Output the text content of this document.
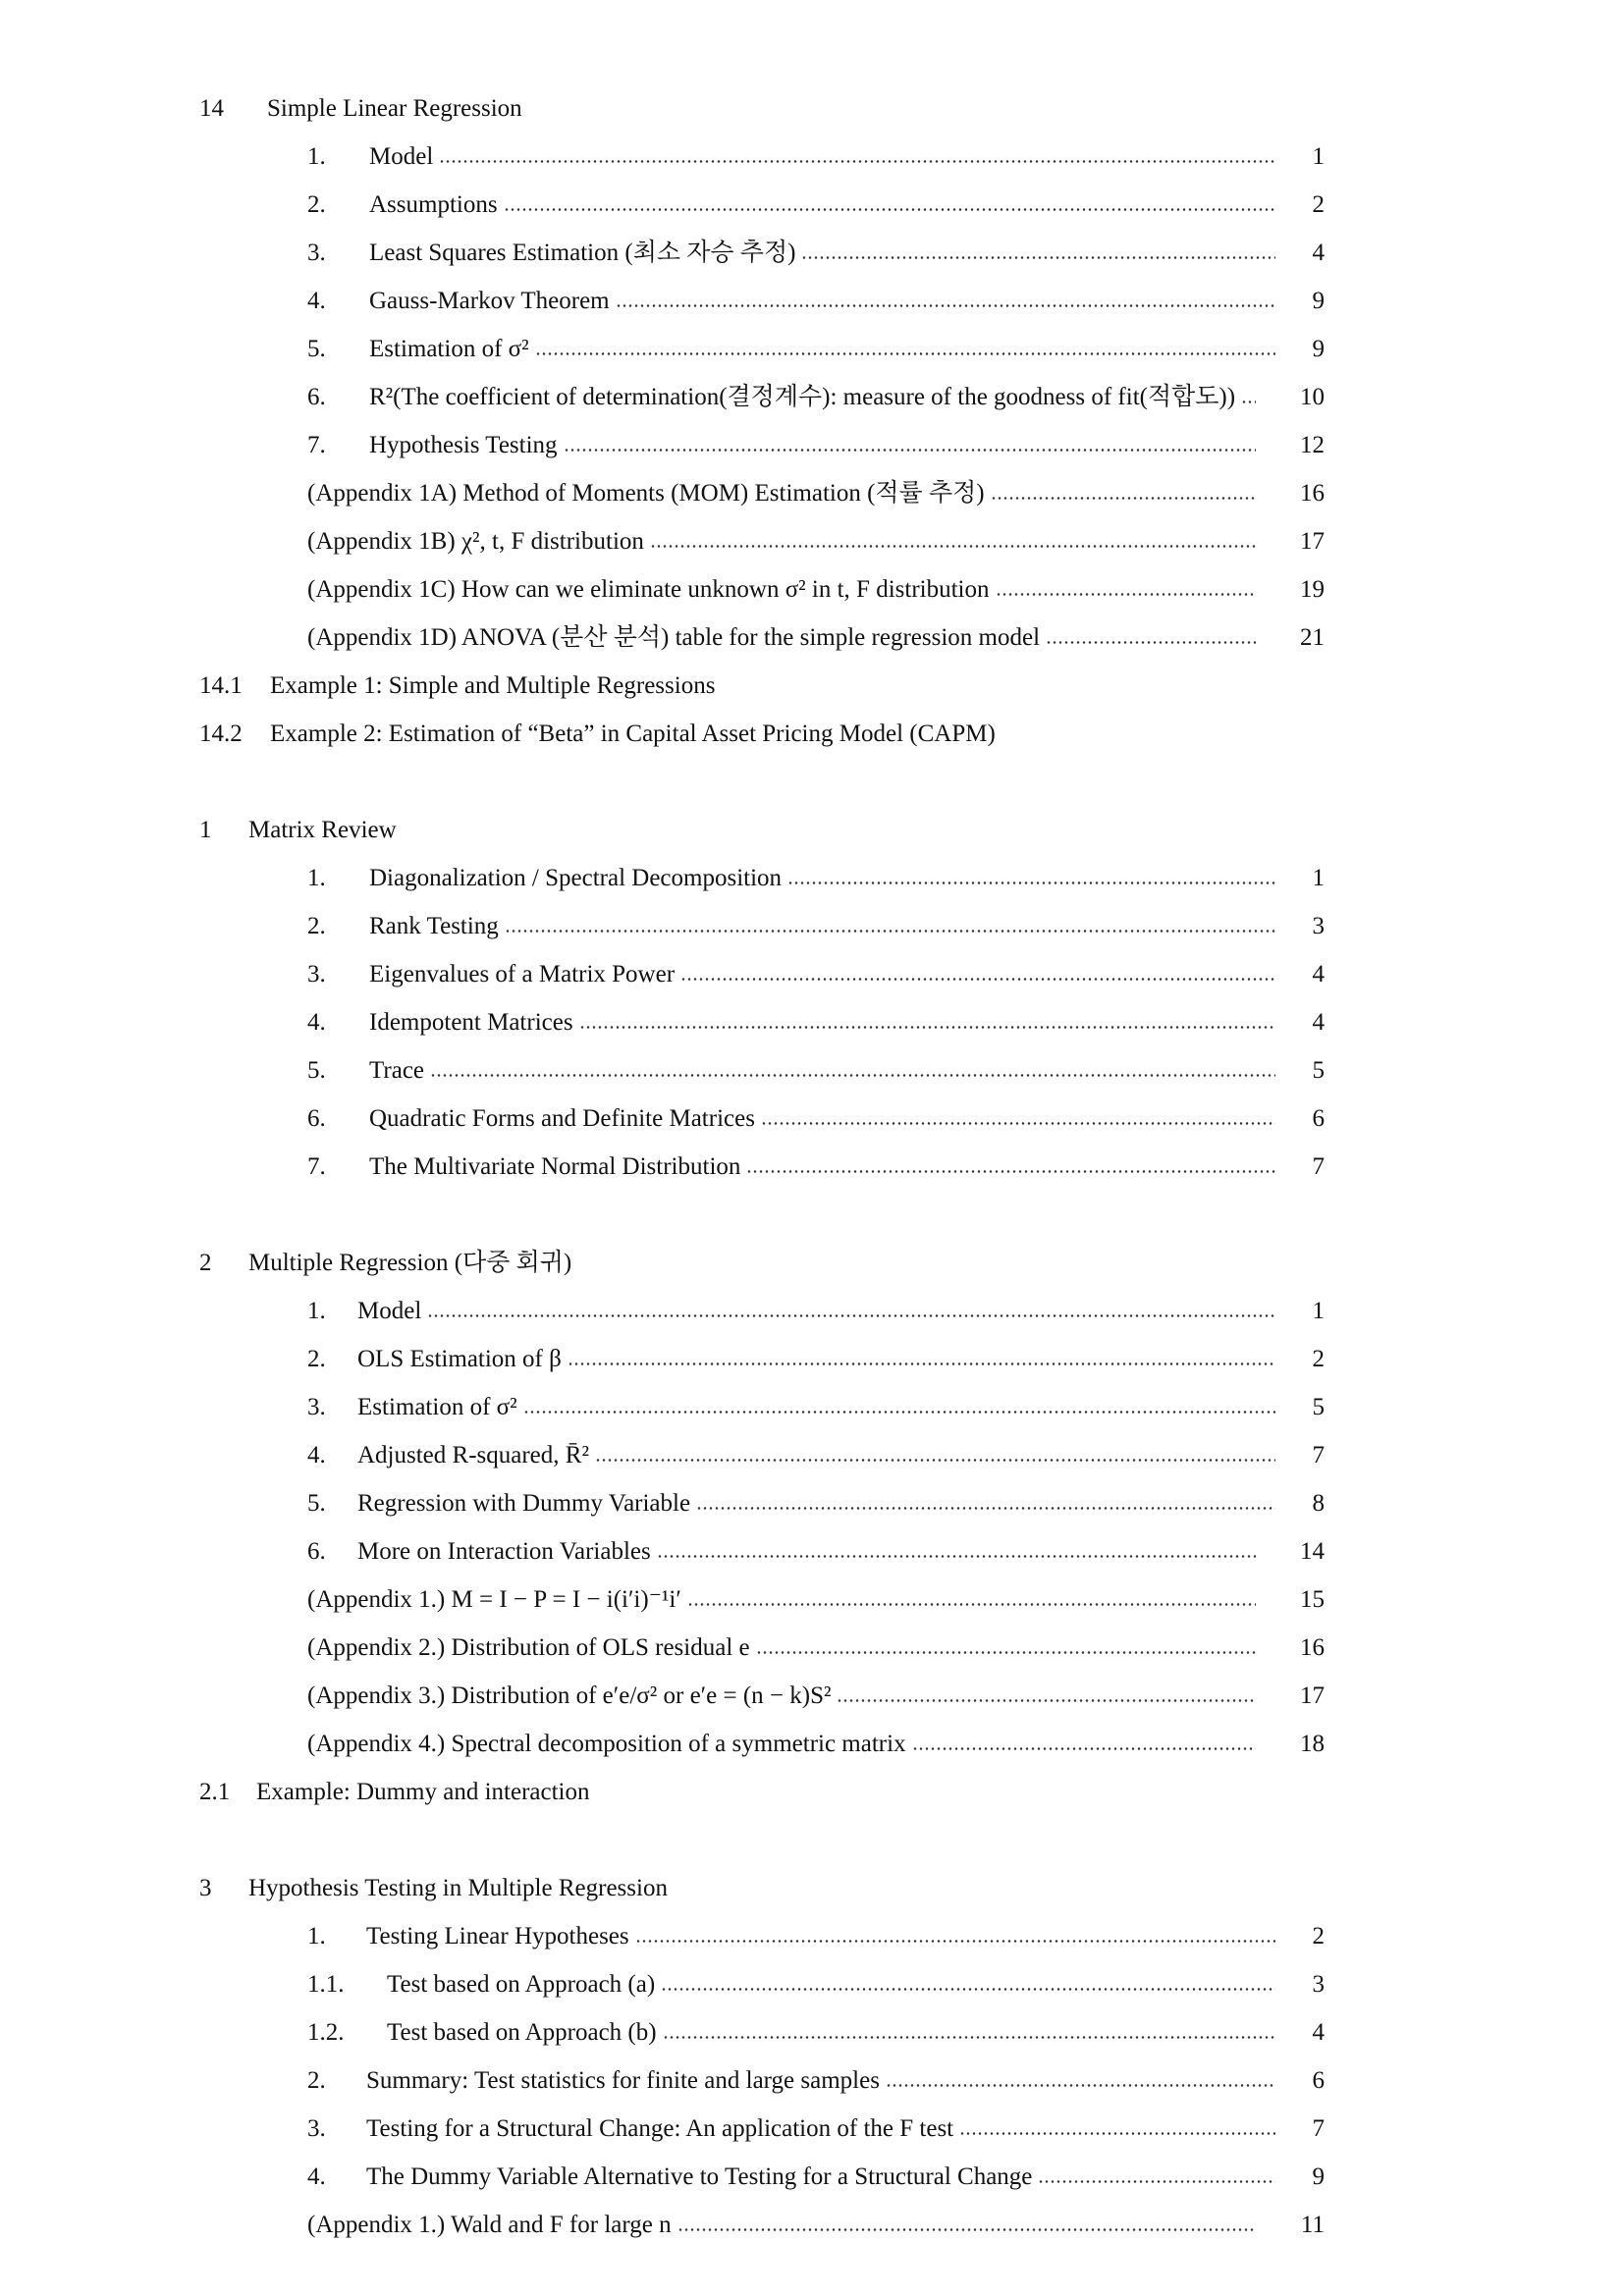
14 Simple Linear Regression
1. Model	1
2. Assumptions	2
3. Least Squares Estimation (최소 자승 추정)	4
4. Gauss-Markov Theorem	9
5. Estimation of σ²	9
6. R²(The coefficient of determination(결정계수): measure of the goodness of fit(적합도))	10
7. Hypothesis Testing	12
(Appendix 1A) Method of Moments (MOM) Estimation (적률 추정)	16
(Appendix 1B) χ², t, F distribution	17
(Appendix 1C) How can we eliminate unknown σ² in t, F distribution	19
(Appendix 1D) ANOVA (분산 분석) table for the simple regression model	21
14.1 Example 1: Simple and Multiple Regressions
14.2 Example 2: Estimation of “Beta” in Capital Asset Pricing Model (CAPM)
1 Matrix Review
1. Diagonalization / Spectral Decomposition	1
2. Rank Testing	3
3. Eigenvalues of a Matrix Power	4
4. Idempotent Matrices	4
5. Trace	5
6. Quadratic Forms and Definite Matrices	6
7. The Multivariate Normal Distribution	7
2 Multiple Regression (다중 회귀)
1. Model	1
2. OLS Estimation of β	2
3. Estimation of σ²	5
4. Adjusted R-squared, R̄²	7
5. Regression with Dummy Variable	8
6. More on Interaction Variables	14
(Appendix 1.) M = I − P = I − i(i′i)⁻¹i′	15
(Appendix 2.) Distribution of OLS residual e	16
(Appendix 3.) Distribution of e′e/σ² or e′e = (n − k)S²	17
(Appendix 4.) Spectral decomposition of a symmetric matrix	18
2.1 Example: Dummy and interaction
3 Hypothesis Testing in Multiple Regression
1. Testing Linear Hypotheses	2
1.1. Test based on Approach (a)	3
1.2. Test based on Approach (b)	4
2. Summary: Test statistics for finite and large samples	6
3. Testing for a Structural Change: An application of the F test	7
4. The Dummy Variable Alternative to Testing for a Structural Change	9
(Appendix 1.) Wald and F for large n	11
